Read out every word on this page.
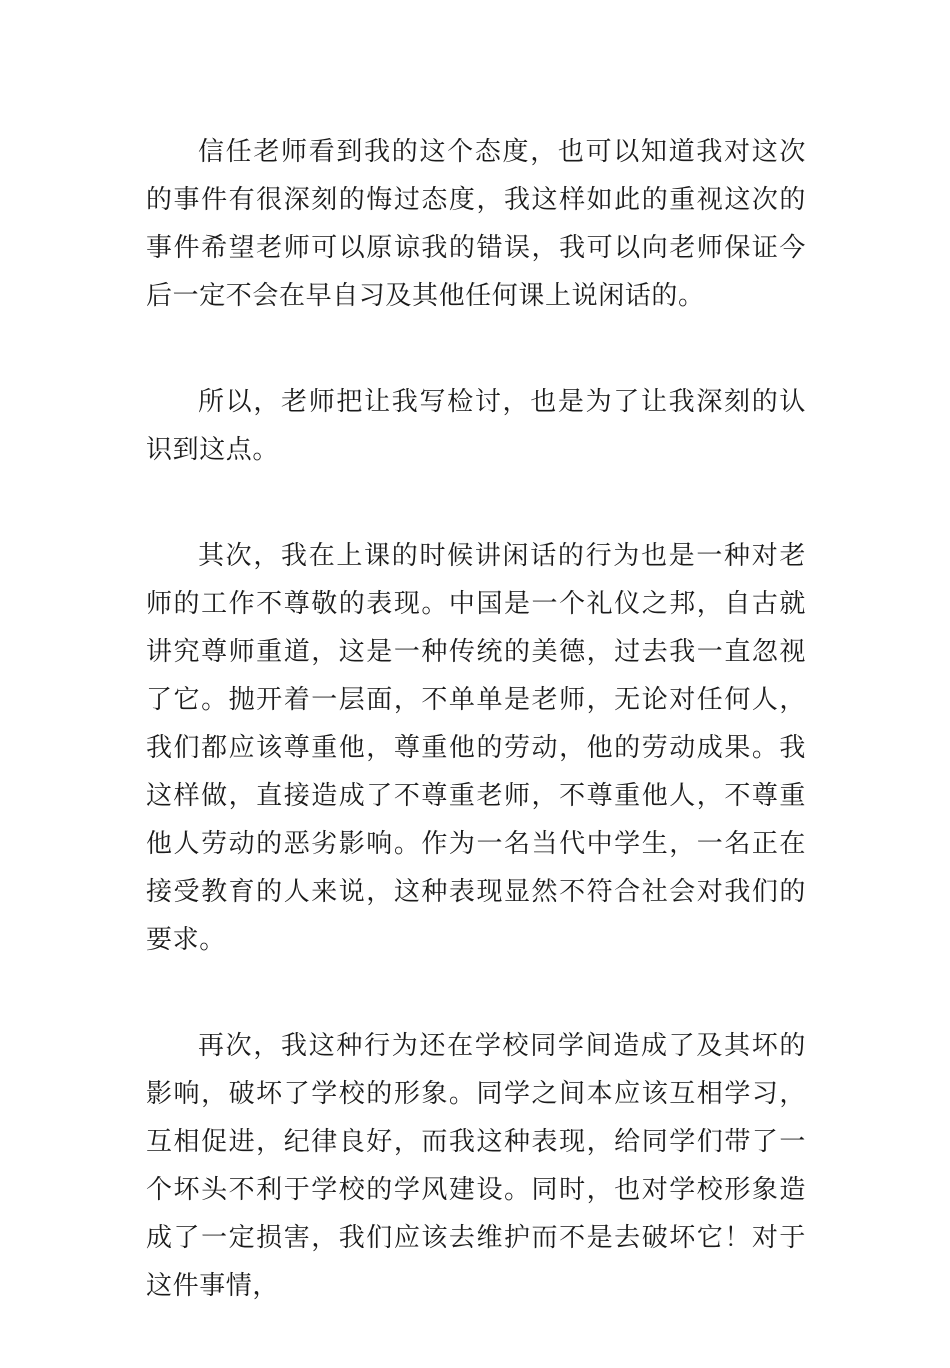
信任老师看到我的这个态度，也可以知道我对这次的事件有很深刻的悔过态度，我这样如此的重视这次的事件希望老师可以原谅我的错误，我可以向老师保证今后一定不会在早自习及其他任何课上说闲话的。

所以，老师把让我写检讨，也是为了让我深刻的认识到这点。

其次，我在上课的时候讲闲话的行为也是一种对老师的工作不尊敬的表现。中国是一个礼仪之邦，自古就讲究尊师重道，这是一种传统的美德，过去我一直忽视了它。抛开着一层面，不单单是老师，无论对任何人，我们都应该尊重他，尊重他的劳动，他的劳动成果。我这样做，直接造成了不尊重老师，不尊重他人，不尊重他人劳动的恶劣影响。作为一名当代中学生，一名正在接受教育的人来说，这种表现显然不符合社会对我们的要求。

再次，我这种行为还在学校同学间造成了及其坏的影响，破坏了学校的形象。同学之间本应该互相学习，互相促进，纪律良好，而我这种表现，给同学们带了一个坏头不利于学校的学风建设。同时，也对学校形象造成了一定损害，我们应该去维护而不是去破坏它！对于这件事情，
